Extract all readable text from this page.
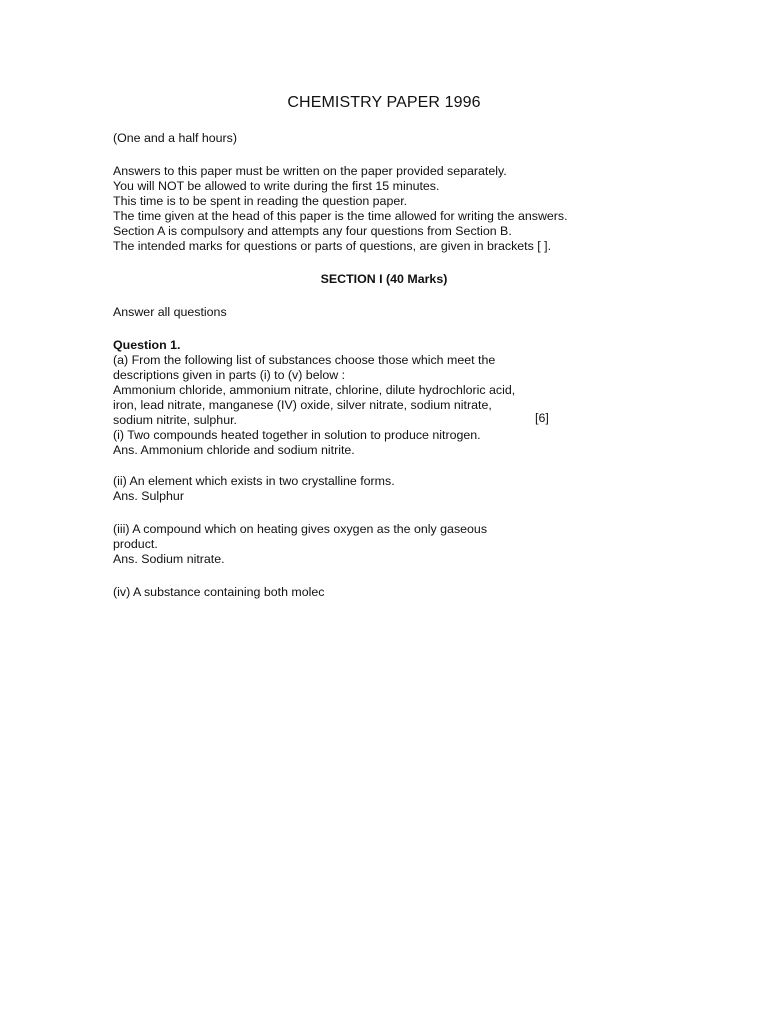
CHEMISTRY PAPER 1996
(One and a half hours)
Answers to this paper must be written on the paper provided separately.
You will NOT be allowed to write during the first 15 minutes.
This time is to be spent in reading the question paper.
The time given at the head of this paper is the time allowed for writing the answers.
Section A is compulsory and attempts any four questions from Section B.
The intended marks for questions or parts of questions, are given in brackets [ ].
SECTION I (40 Marks)
Answer all questions
Question 1.
(a) From the following list of substances choose those which meet the
descriptions given in parts (i) to (v) below :
Ammonium chloride, ammonium nitrate, chlorine, dilute hydrochloric acid,
iron, lead nitrate, manganese (IV) oxide, silver nitrate, sodium nitrate,
sodium nitrite, sulphur.
(i) Two compounds heated together in solution to produce nitrogen.
Ans. Ammonium chloride and sodium nitrite.
[6]
(ii) An element which exists in two crystalline forms.
Ans. Sulphur
(iii) A compound which on heating gives oxygen as the only gaseous
product.
Ans. Sodium nitrate.
(iv) A substance containing both molec
